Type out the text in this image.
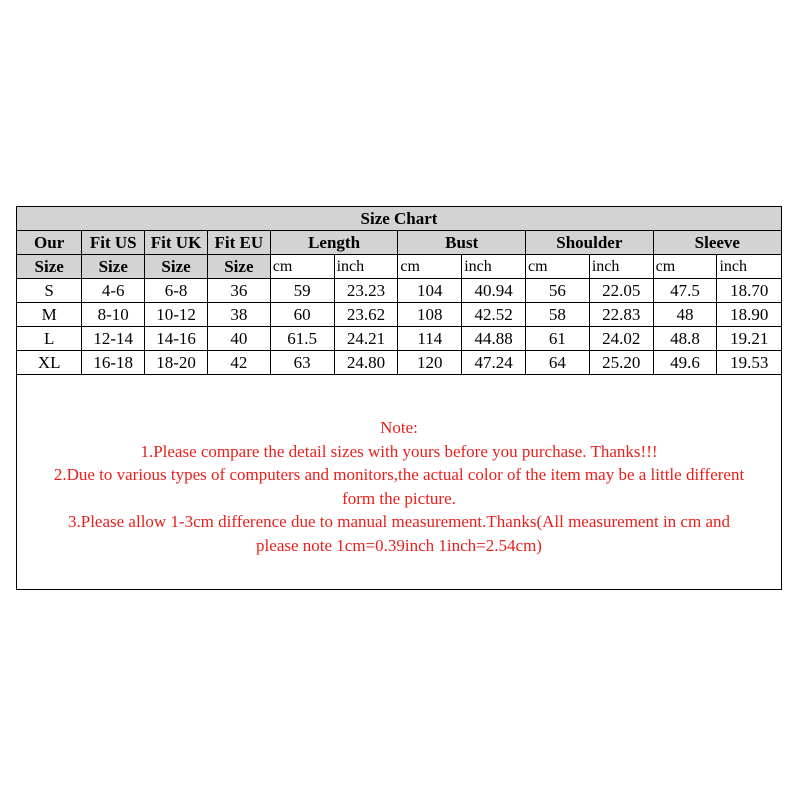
Size Chart											
Our	Fit US	Fit UK	Fit EU	Length		Bust		Shoulder		Sleeve	
Size	Size	Size	Size	cm	inch	cm	inch	cm	inch	cm	inch
S	4-6	6-8	36	59	23.23	104	40.94	56	22.05	47.5	18.70
M	8-10	10-12	38	60	23.62	108	42.52	58	22.83	48	18.90
L	12-14	14-16	40	61.5	24.21	114	44.88	61	24.02	48.8	19.21
XL	16-18	18-20	42	63	24.80	120	47.24	64	25.20	49.6	19.53
Note:
1.Please compare the detail sizes with yours before you purchase. Thanks!!!
2.Due to various types of computers and monitors,the actual color of the item may be a little different
form the picture.
3.Please allow 1-3cm difference due to manual measurement.Thanks(All measurement in cm and
please note 1cm=0.39inch 1inch=2.54cm)
